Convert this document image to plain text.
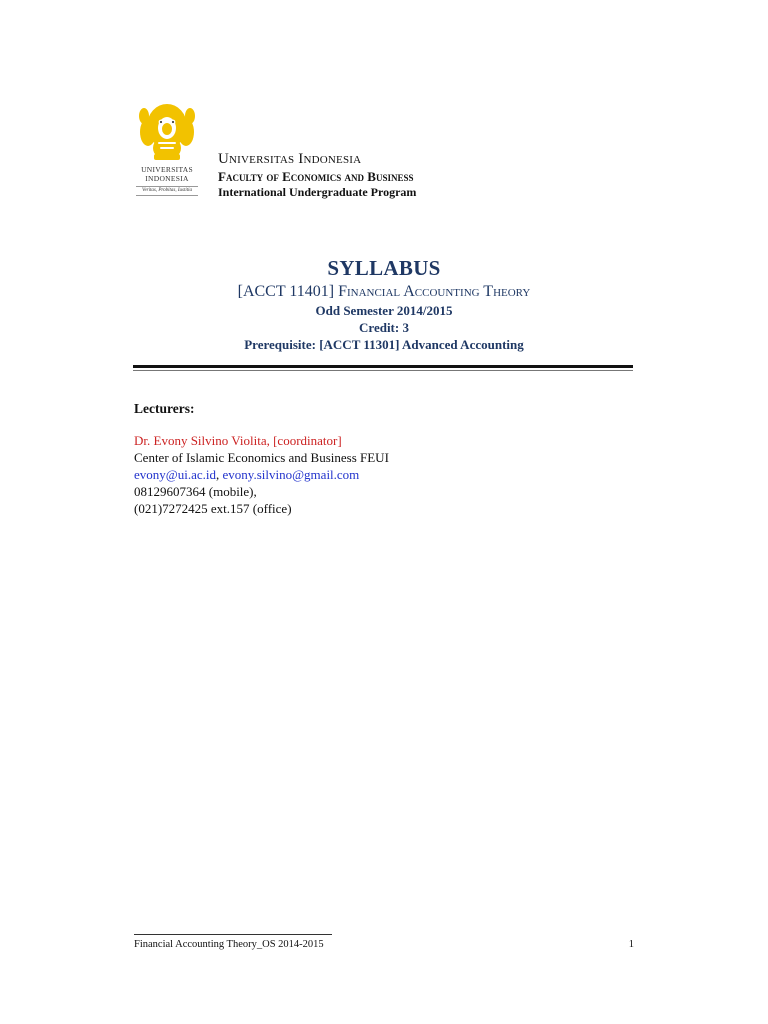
UNIVERSITAS
INDONESIA
Veritas, Probitas, Iustitia
Universitas Indonesia
Faculty of Economics and Business
International Undergraduate Program
SYLLABUS
[ACCT 11401] Financial Accounting Theory
Odd Semester 2014/2015
Credit: 3
Prerequisite: [ACCT 11301] Advanced Accounting
Lecturers:
Dr. Evony Silvino Violita, [coordinator]
Center of Islamic Economics and Business FEUI
evony@ui.ac.id, evony.silvino@gmail.com
08129607364 (mobile),
(021)7272425 ext.157 (office)
Financial Accounting Theory_OS 2014-2015	1
